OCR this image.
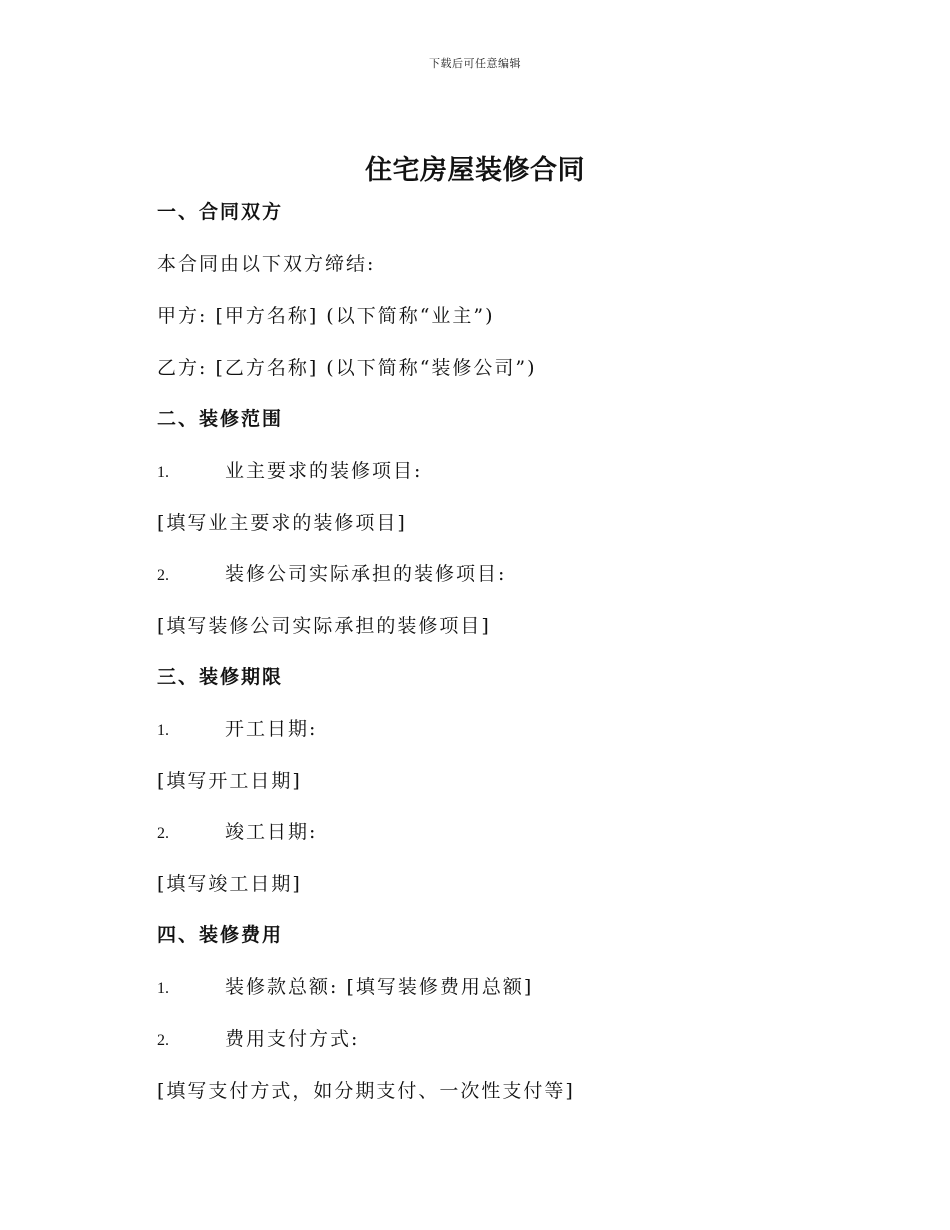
下载后可任意编辑
住宅房屋装修合同
一、合同双方
本合同由以下双方缔结:
甲方: [甲方名称] (以下简称“业主”)
乙方: [乙方名称] (以下简称“装修公司”)
二、装修范围
1.	业主要求的装修项目:
[填写业主要求的装修项目]
2.	装修公司实际承担的装修项目:
[填写装修公司实际承担的装修项目]
三、装修期限
1.	开工日期:
[填写开工日期]
2.	竣工日期:
[填写竣工日期]
四、装修费用
1.	装修款总额: [填写装修费用总额]
2.	费用支付方式:
[填写支付方式，如分期支付、一次性支付等]
